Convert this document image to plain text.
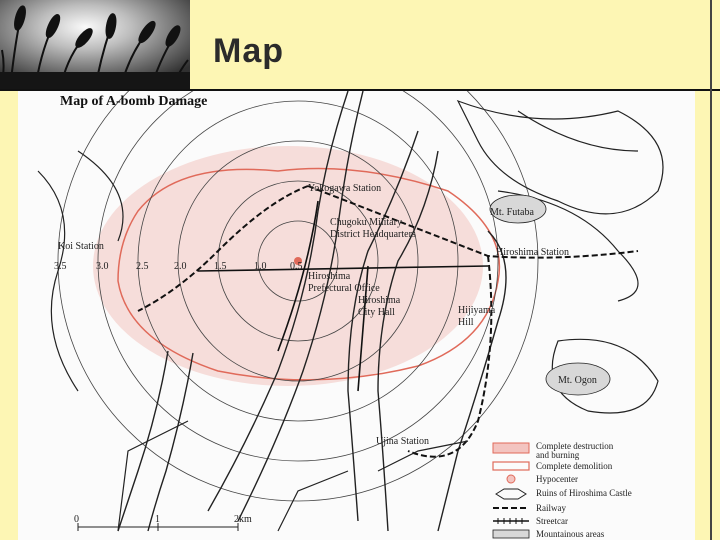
Map
Map of A-bomb Damage
Yokogawa Station
Mt. Futaba
Koi Station
Chugoku Military
District Headquarters
Hiroshima Station
Hiroshima
Prefectural Office
Hiroshima
City Hall	Hijiyama
Hill
Mt. Ogon
Ujina Station
3.5	3.0	2.5	2.0	1.5	1.0 0.5
0	1	2km
Complete destruction
and burning
Complete demolition
Hypocenter
Ruins of Hiroshima Castle
Railway
Streetcar
Mountainous areas
